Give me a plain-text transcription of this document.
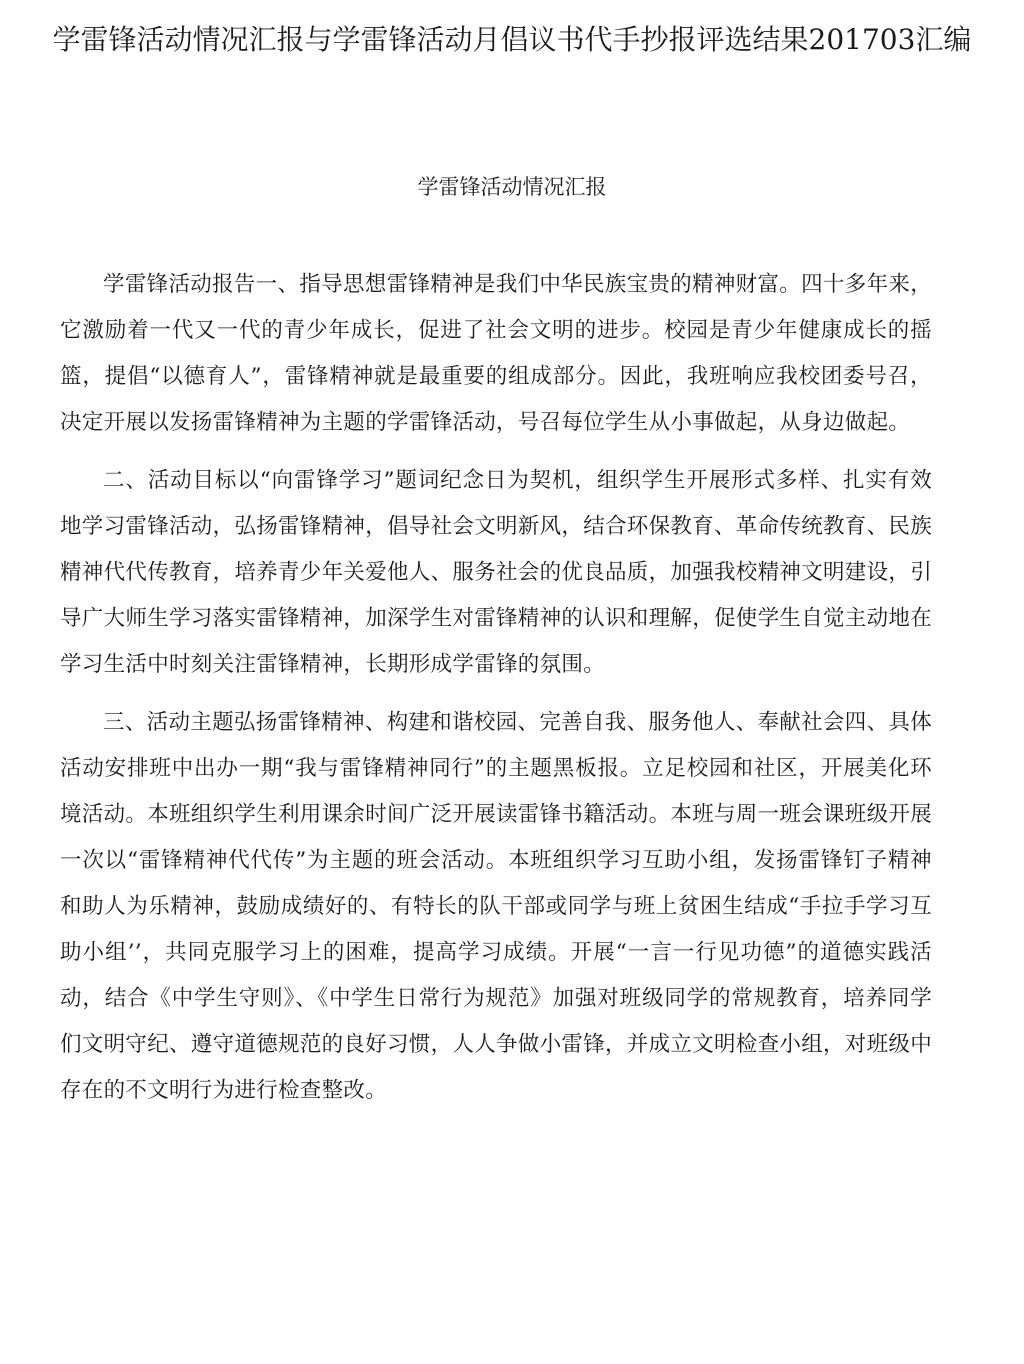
学雷锋活动情况汇报与学雷锋活动月倡议书代手抄报评选结果201703汇编
学雷锋活动情况汇报

学雷锋活动报告一、指导思想雷锋精神是我们中华民族宝贵的精神财富。四十多年来，它激励着一代又一代的青少年成长，促进了社会文明的进步。校园是青少年健康成长的摇篮，提倡“以德育人”，雷锋精神就是最重要的组成部分。因此，我班响应我校团委号召，决定开展以发扬雷锋精神为主题的学雷锋活动，号召每位学生从小事做起，从身边做起。

二、活动目标以“向雷锋学习”题词纪念日为契机，组织学生开展形式多样、扎实有效地学习雷锋活动，弘扬雷锋精神，倡导社会文明新风，结合环保教育、革命传统教育、民族精神代代传教育，培养青少年关爱他人、服务社会的优良品质，加强我校精神文明建设，引导广大师生学习落实雷锋精神，加深学生对雷锋精神的认识和理解，促使学生自觉主动地在学习生活中时刻关注雷锋精神，长期形成学雷锋的氛围。

三、活动主题弘扬雷锋精神、构建和谐校园、完善自我、服务他人、奉献社会四、具体活动安排班中出办一期“我与雷锋精神同行”的主题黑板报。立足校园和社区，开展美化环境活动。本班组织学生利用课余时间广泛开展读雷锋书籍活动。本班与周一班会课班级开展一次以“雷锋精神代代传”为主题的班会活动。本班组织学习互助小组，发扬雷锋钉子精神和助人为乐精神，鼓励成绩好的、有特长的队干部或同学与班上贫困生结成“手拉手学习互助小组’’，共同克服学习上的困难，提高学习成绩。开展“一言一行见功德”的道德实践活动，结合《中学生守则》、《中学生日常行为规范》加强对班级同学的常规教育，培养同学们文明守纪、遵守道德规范的良好习惯，人人争做小雷锋，并成立文明检查小组，对班级中存在的不文明行为进行检查整改。
